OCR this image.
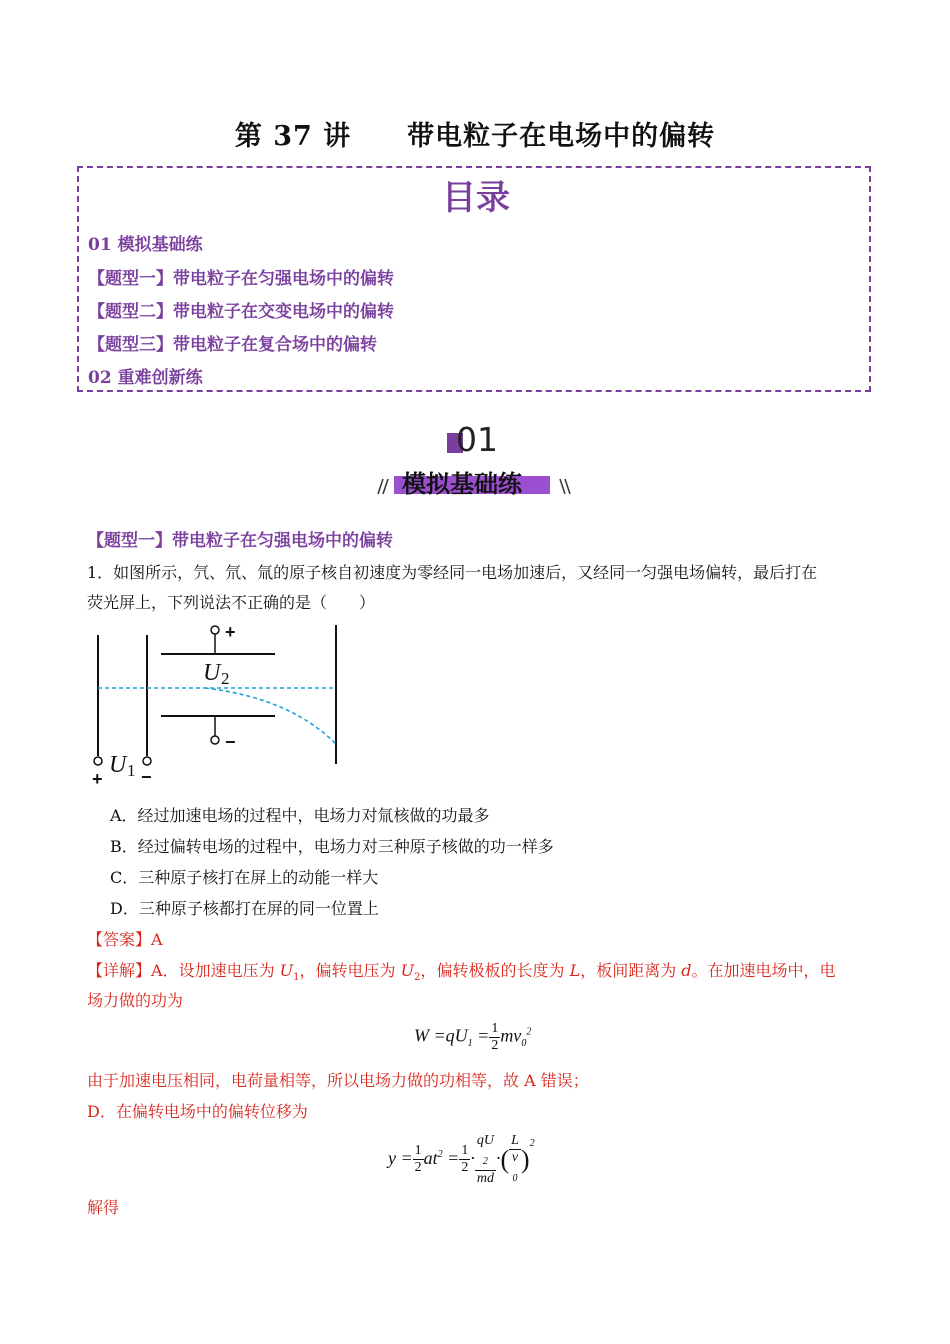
第 37 讲　　带电粒子在电场中的偏转
目录
01 模拟基础练
【题型一】带电粒子在匀强电场中的偏转
【题型二】带电粒子在交变电场中的偏转
【题型三】带电粒子在复合场中的偏转
02 重难创新练
01
模拟基础练
【题型一】带电粒子在匀强电场中的偏转
1．如图所示，氕、氘、氚的原子核自初速度为零经同一电场加速后，又经同一匀强电场偏转，最后打在
荧光屏上，下列说法不正确的是（　　）
+
−
U 2
U 1
+ −
A．经过加速电场的过程中，电场力对氚核做的功最多
B．经过偏转电场的过程中，电场力对三种原子核做的功一样多
C．三种原子核打在屏上的动能一样大
D．三种原子核都打在屏的同一位置上
【答案】A
【详解】A．设加速电压为 $U_1$，偏转电压为 $U_2$，偏转极板的长度为 L，板间距离为 d。在加速电场中，电
场力做的功为
$W =qU_1 = \frac{1}{2} mv_0^2$
由于加速电压相同，电荷量相等，所以电场力做的功相等，故 A 错误；
D．在偏转电场中的偏转位移为
$y = \frac{1}{2} at^2 = \frac{1}{2}$ · qU
$_2$
md ·( L
v
$_0$ )$^2$
解得
